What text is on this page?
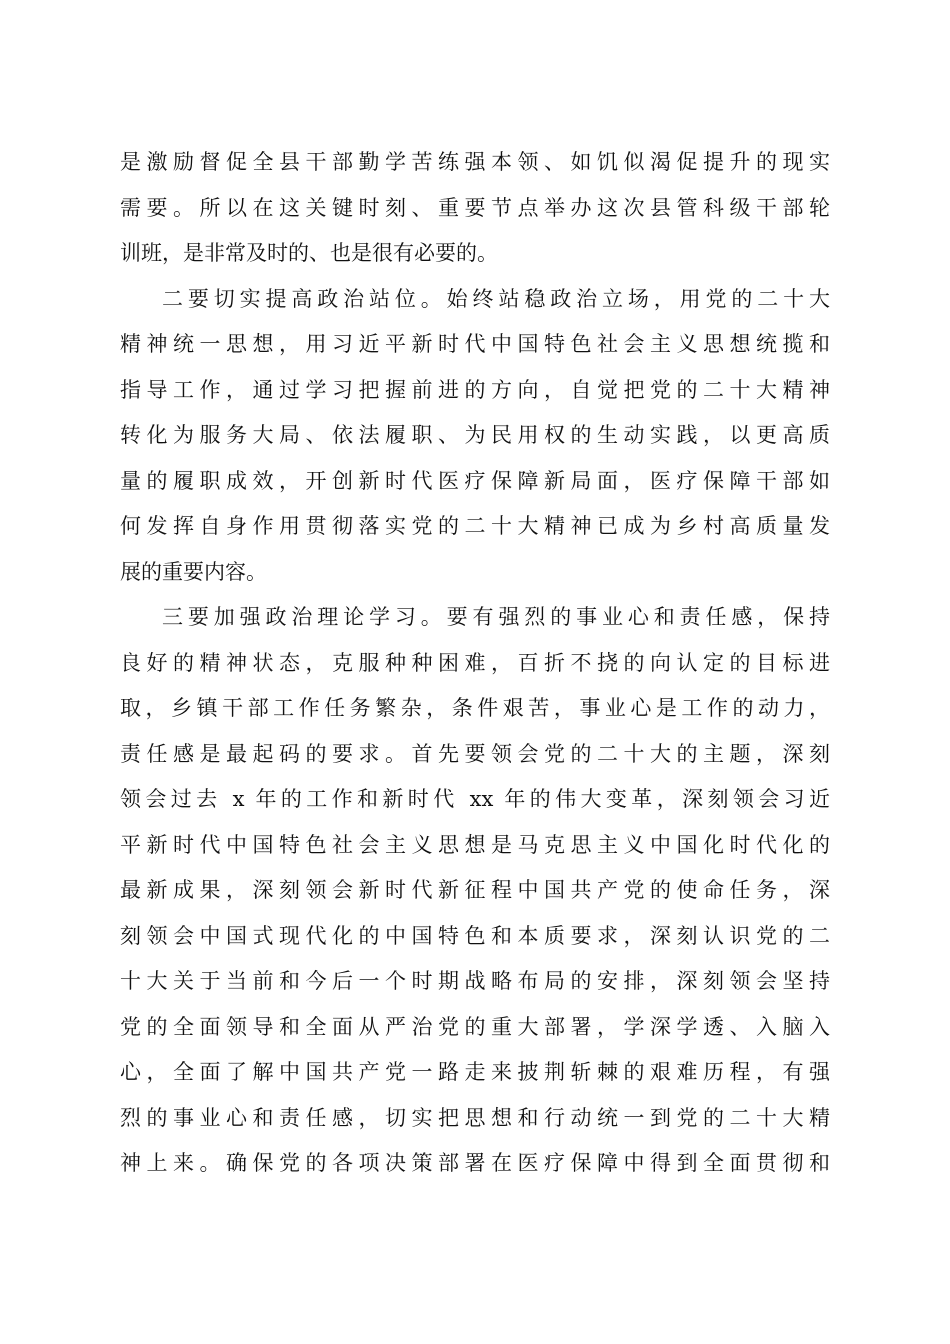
是激励督促全县干部勤学苦练强本领、如饥似渴促提升的现实
需要。所以在这关键时刻、重要节点举办这次县管科级干部轮
训班，是非常及时的、也是很有必要的。
二要切实提高政治站位。始终站稳政治立场，用党的二十大
精神统一思想，用习近平新时代中国特色社会主义思想统揽和
指导工作，通过学习把握前进的方向，自觉把党的二十大精神
转化为服务大局、依法履职、为民用权的生动实践，以更高质
量的履职成效，开创新时代医疗保障新局面，医疗保障干部如
何发挥自身作用贯彻落实党的二十大精神已成为乡村高质量发
展的重要内容。
三要加强政治理论学习。要有强烈的事业心和责任感，保持
良好的精神状态，克服种种困难，百折不挠的向认定的目标进
取，乡镇干部工作任务繁杂，条件艰苦，事业心是工作的动力，
责任感是最起码的要求。首先要领会党的二十大的主题，深刻
领会过去 x 年的工作和新时代 xx 年的伟大变革，深刻领会习近
平新时代中国特色社会主义思想是马克思主义中国化时代化的
最新成果，深刻领会新时代新征程中国共产党的使命任务，深
刻领会中国式现代化的中国特色和本质要求，深刻认识党的二
十大关于当前和今后一个时期战略布局的安排，深刻领会坚持
党的全面领导和全面从严治党的重大部署，学深学透、入脑入
心，全面了解中国共产党一路走来披荆斩棘的艰难历程，有强
烈的事业心和责任感，切实把思想和行动统一到党的二十大精
神上来。确保党的各项决策部署在医疗保障中得到全面贯彻和
